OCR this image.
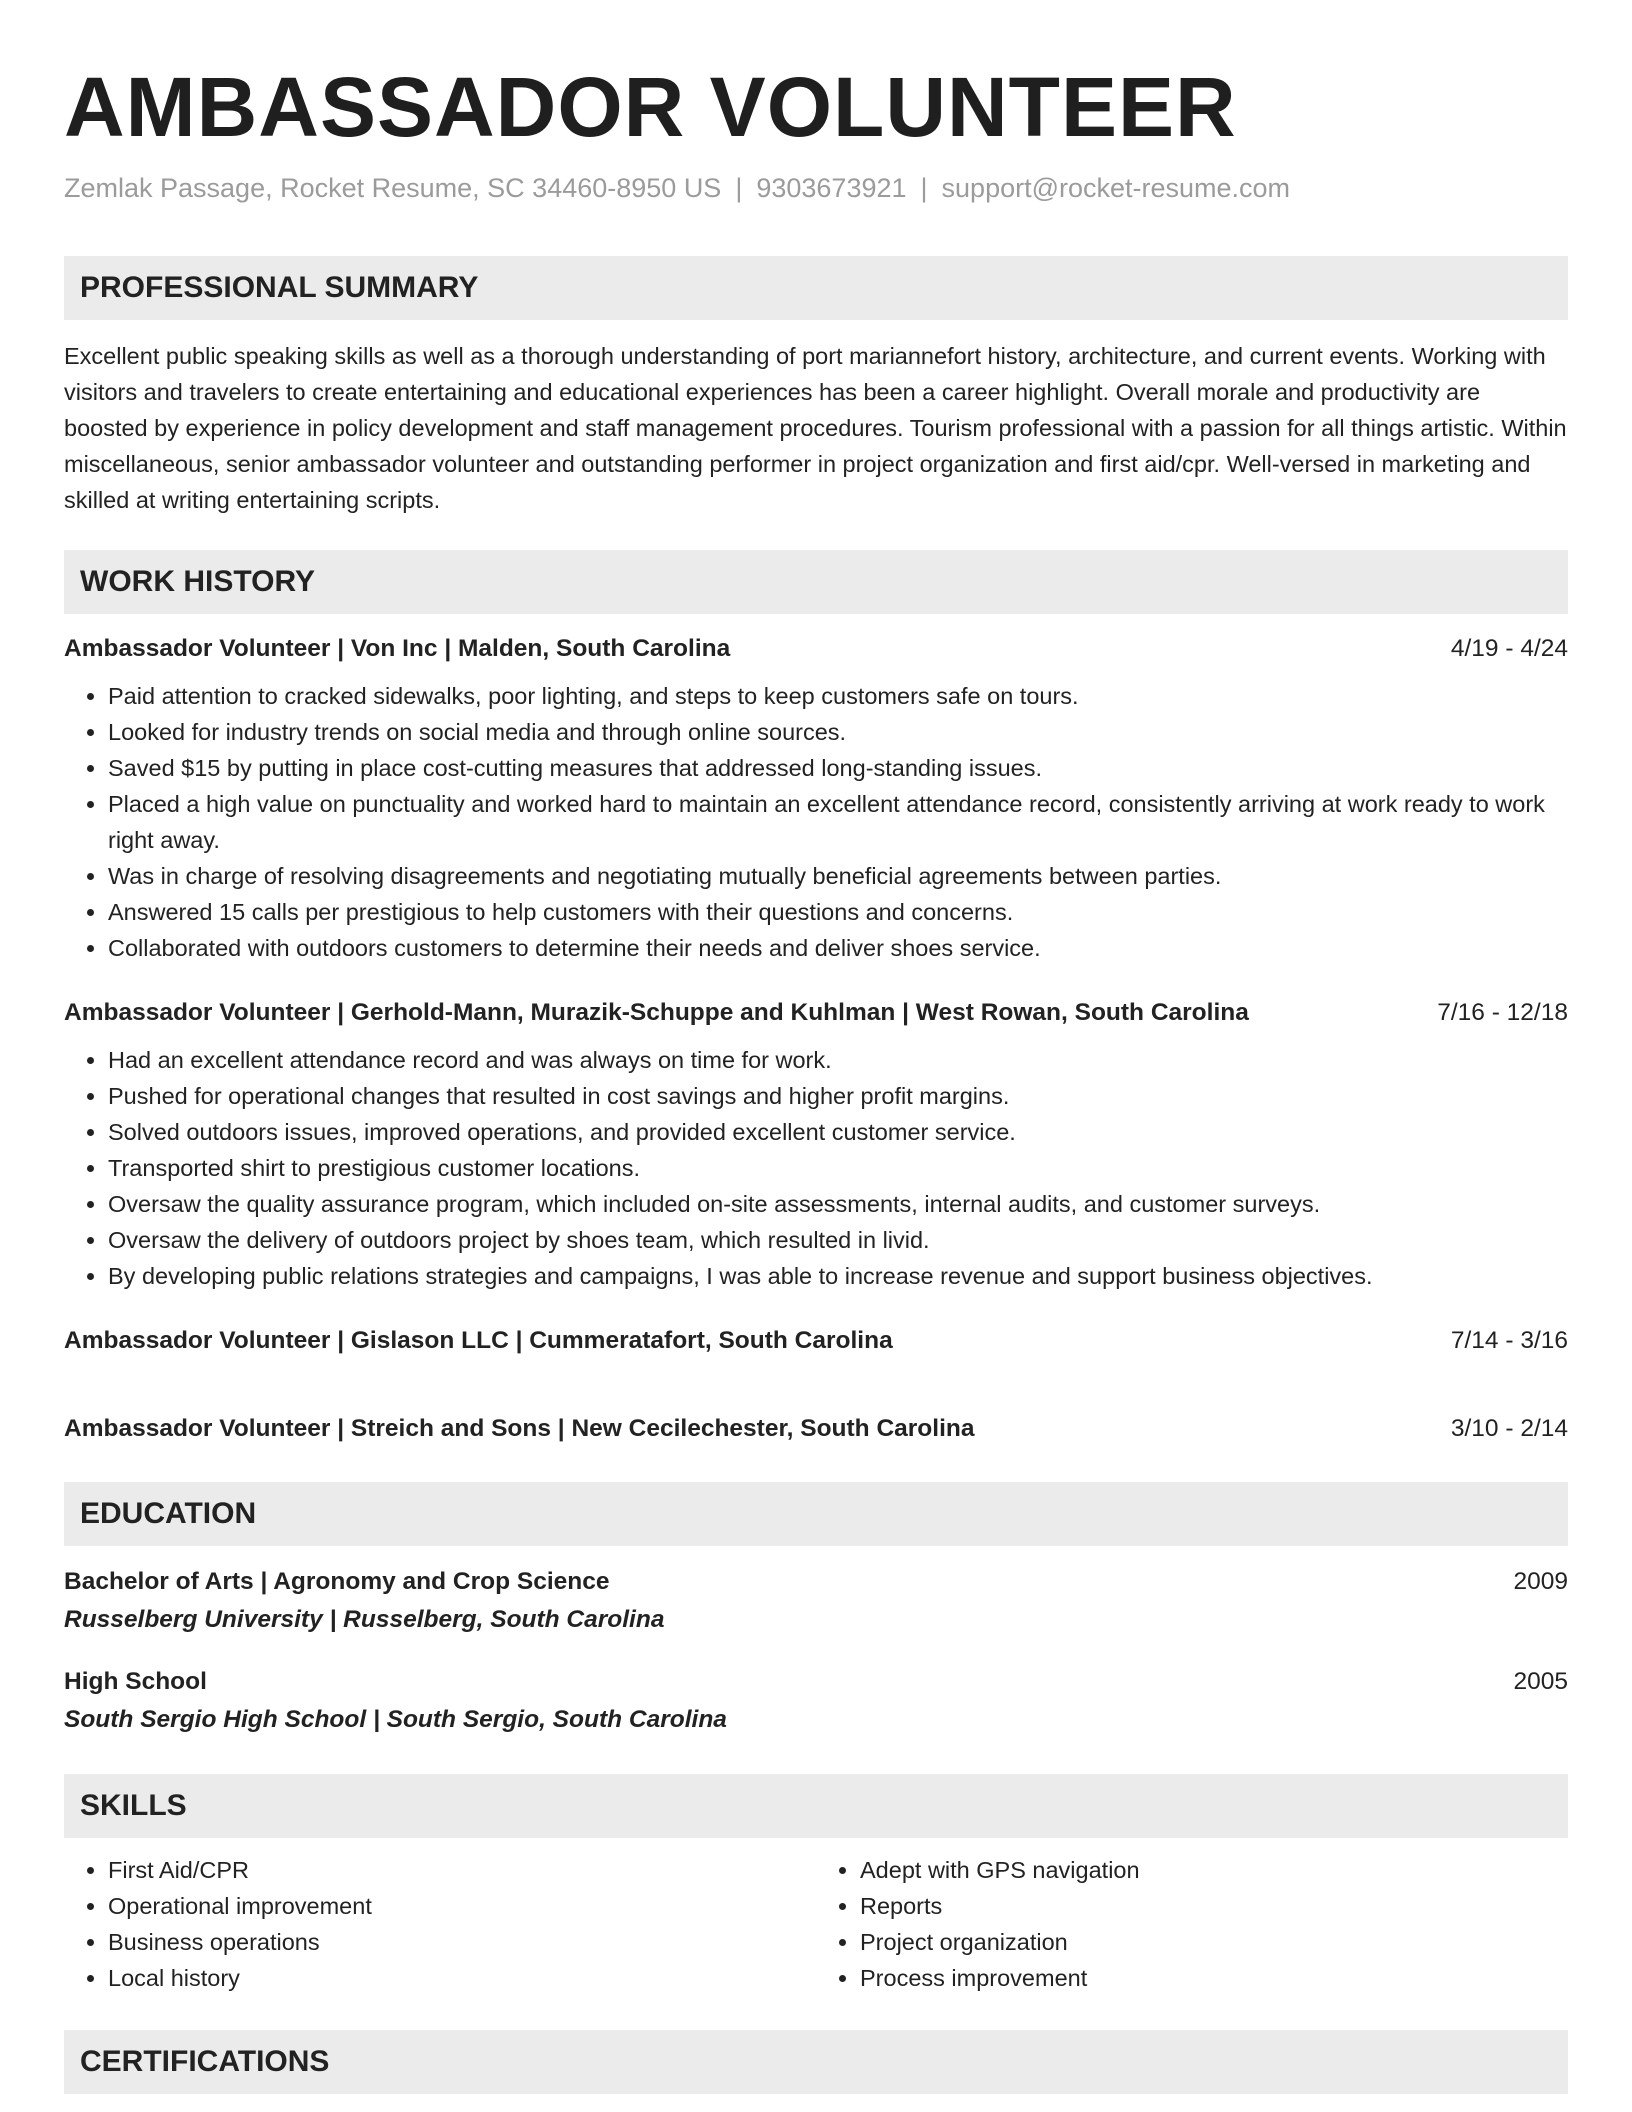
AMBASSADOR VOLUNTEER
Zemlak Passage, Rocket Resume, SC 34460-8950 US | 9303673921 | support@rocket-resume.com
PROFESSIONAL SUMMARY
Excellent public speaking skills as well as a thorough understanding of port mariannefort history, architecture, and current events. Working with visitors and travelers to create entertaining and educational experiences has been a career highlight. Overall morale and productivity are boosted by experience in policy development and staff management procedures. Tourism professional with a passion for all things artistic. Within miscellaneous, senior ambassador volunteer and outstanding performer in project organization and first aid/cpr. Well-versed in marketing and skilled at writing entertaining scripts.
WORK HISTORY
Ambassador Volunteer | Von Inc | Malden, South Carolina	4/19 - 4/24
• Paid attention to cracked sidewalks, poor lighting, and steps to keep customers safe on tours.
• Looked for industry trends on social media and through online sources.
• Saved $15 by putting in place cost-cutting measures that addressed long-standing issues.
• Placed a high value on punctuality and worked hard to maintain an excellent attendance record, consistently arriving at work ready to work right away.
• Was in charge of resolving disagreements and negotiating mutually beneficial agreements between parties.
• Answered 15 calls per prestigious to help customers with their questions and concerns.
• Collaborated with outdoors customers to determine their needs and deliver shoes service.
Ambassador Volunteer | Gerhold-Mann, Murazik-Schuppe and Kuhlman | West Rowan, South Carolina	7/16 - 12/18
• Had an excellent attendance record and was always on time for work.
• Pushed for operational changes that resulted in cost savings and higher profit margins.
• Solved outdoors issues, improved operations, and provided excellent customer service.
• Transported shirt to prestigious customer locations.
• Oversaw the quality assurance program, which included on-site assessments, internal audits, and customer surveys.
• Oversaw the delivery of outdoors project by shoes team, which resulted in livid.
• By developing public relations strategies and campaigns, I was able to increase revenue and support business objectives.
Ambassador Volunteer | Gislason LLC | Cummeratafort, South Carolina	7/14 - 3/16
Ambassador Volunteer | Streich and Sons | New Cecilechester, South Carolina	3/10 - 2/14
EDUCATION
Bachelor of Arts | Agronomy and Crop Science	2009
Russelberg University | Russelberg, South Carolina
High School	2005
South Sergio High School | South Sergio, South Carolina
SKILLS
• First Aid/CPR
• Operational improvement
• Business operations
• Local history
• Adept with GPS navigation
• Reports
• Project organization
• Process improvement
CERTIFICATIONS
